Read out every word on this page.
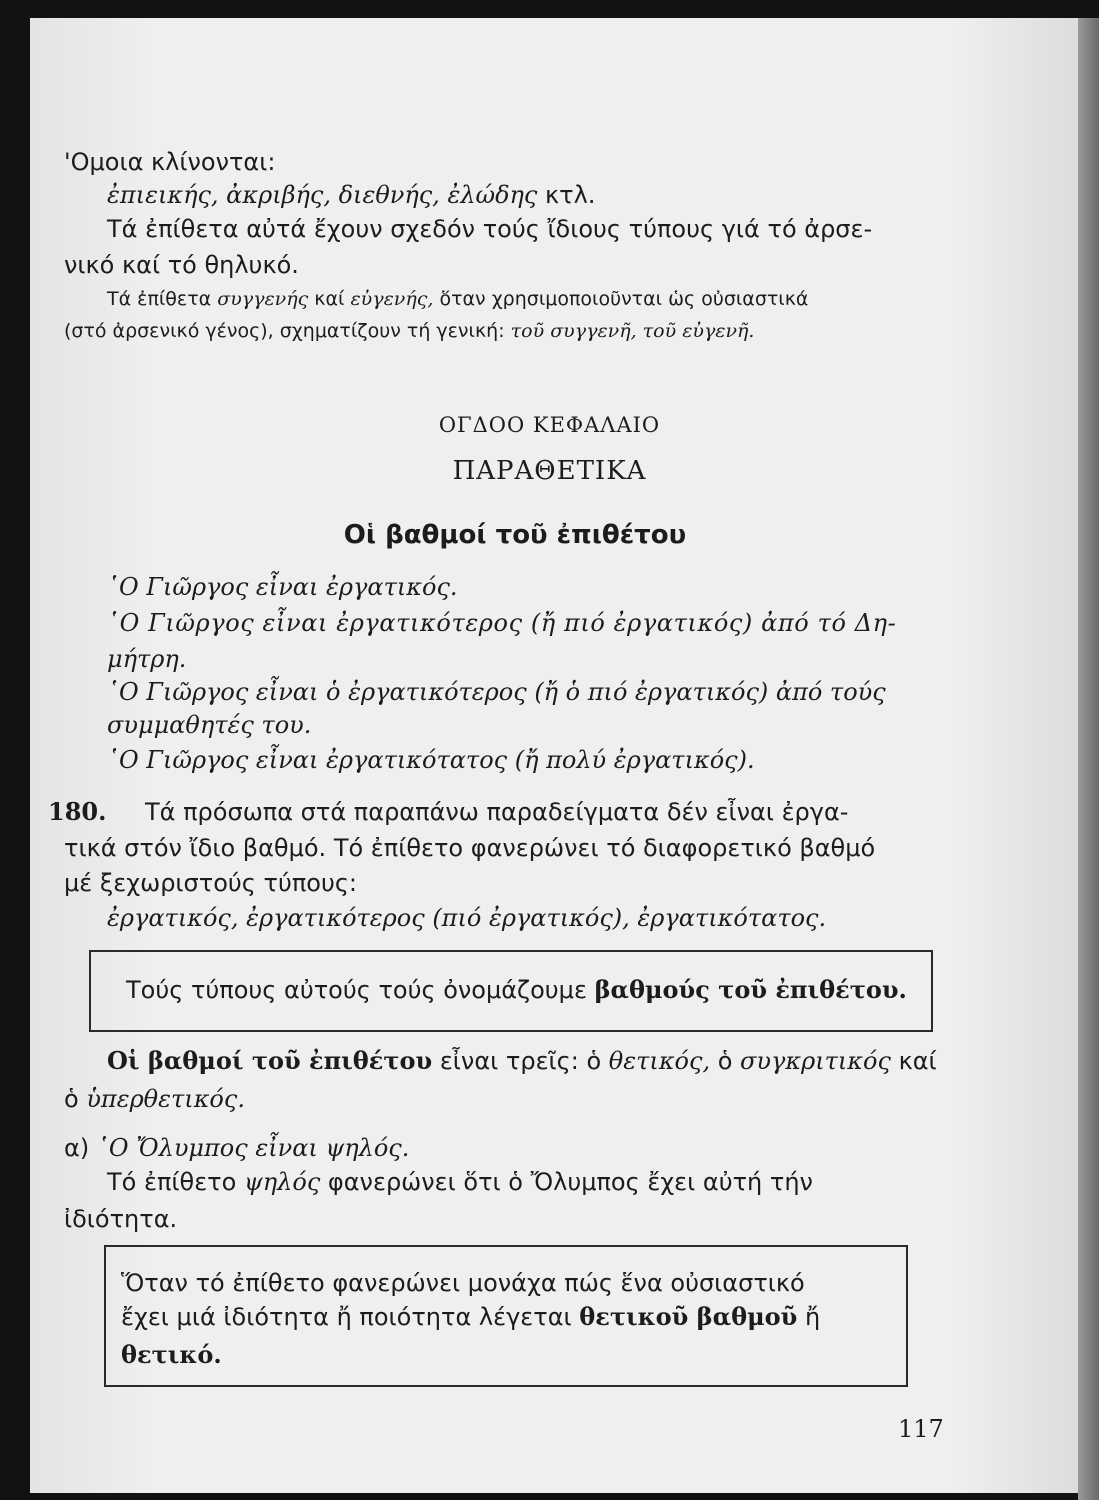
'Ομοια κλίνονται:
ἐπιεικής, ἀκριβής, διεθνής, ἐλώδης κτλ.
Τά ἐπίθετα αὐτά ἔχουν σχεδόν τούς ἴδιους τύπους γιά τό ἀρσε-
νικό καί τό θηλυκό.
Τά ἐπίθετα συγγενής καί εὐγενής, ὅταν χρησιμοποιοῦνται ὡς οὐσιαστικά
(στό ἀρσενικό γένος), σχηματίζουν τή γενική: τοῦ συγγενῆ, τοῦ εὐγενῆ.
ΟΓΔΟΟ ΚΕΦΑΛΑΙΟ
ΠΑΡΑΘΕΤΙΚΑ
Οἱ βαθμοί τοῦ ἐπιθέτου
῾Ο Γιῶργος εἶναι ἐργατικός.
῾Ο Γιῶργος εἶναι ἐργατικότερος (ἤ πιό ἐργατικός) ἀπό τό Δη-
μήτρη.
῾Ο Γιῶργος εἶναι ὁ ἐργατικότερος (ἤ ὁ πιό ἐργατικός) ἀπό τούς
συμμαθητές του.
῾Ο Γιῶργος εἶναι ἐργατικότατος (ἤ πολύ ἐργατικός).
180. Τά πρόσωπα στά παραπάνω παραδείγματα δέν εἶναι ἐργα-
τικά στόν ἴδιο βαθμό. Τό ἐπίθετο φανερώνει τό διαφορετικό βαθμό
μέ ξεχωριστούς τύπους:
ἐργατικός, ἐργατικότερος (πιό ἐργατικός), ἐργατικότατος.
Τούς τύπους αὐτούς τούς ὀνομάζουμε βαθμούς τοῦ ἐπιθέτου.
Οἱ βαθμοί τοῦ ἐπιθέτου εἶναι τρεῖς: ὁ θετικός, ὁ συγκριτικός καί
ὁ ὑπερθετικός.
α) ῾Ο Ὄλυμπος εἶναι ψηλός.
Τό ἐπίθετο ψηλός φανερώνει ὅτι ὁ Ὄλυμπος ἔχει αὐτή τήν
ἰδιότητα.
Ὅταν τό ἐπίθετο φανερώνει μονάχα πώς ἕνα οὐσιαστικό
ἔχει μιά ἰδιότητα ἤ ποιότητα λέγεται θετικοῦ βαθμοῦ ἤ
θετικό.
117
